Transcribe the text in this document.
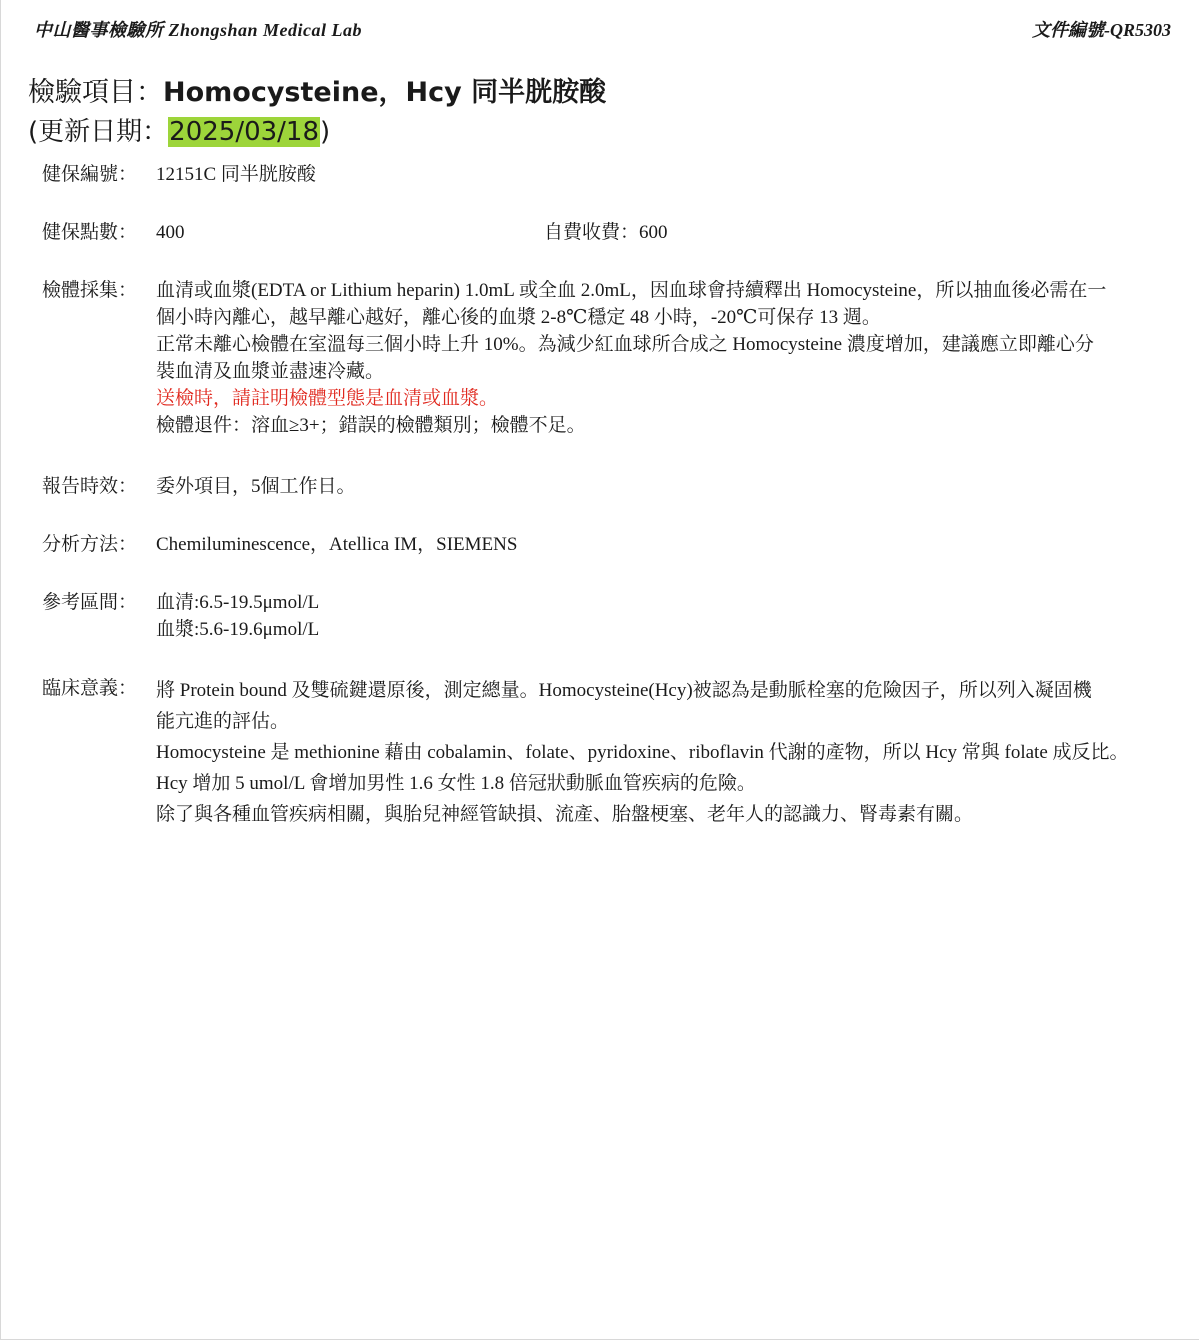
中山醫事檢驗所 Zhongshan Medical Lab	文件編號-QR5303
檢驗項目：Homocysteine，Hcy 同半胱胺酸
(更新日期：2025/03/18)
健保編號： 12151C 同半胱胺酸
健保點數： 400	自費收費：600
檢體採集： 血清或血漿(EDTA or Lithium heparin) 1.0mL 或全血 2.0mL，因血球會持續釋出 Homocysteine，所以抽血後必需在一
個小時內離心，越早離心越好，離心後的血漿 2-8℃穩定 48 小時，-20℃可保存 13 週。
正常未離心檢體在室溫每三個小時上升 10%。為減少紅血球所合成之 Homocysteine 濃度增加，建議應立即離心分
裝血清及血漿並盡速冷藏。
送檢時，請註明檢體型態是血清或血漿。
檢體退件：溶血≥3+；錯誤的檢體類別；檢體不足。
報告時效： 委外項目，5個工作日。
分析方法： Chemiluminescence，Atellica IM，SIEMENS
參考區間： 血清:6.5-19.5μmol/L
血漿:5.6-19.6μmol/L
臨床意義： 將 Protein bound 及雙硫鍵還原後，測定總量。Homocysteine(Hcy)被認為是動脈栓塞的危險因子，所以列入凝固機
能亢進的評估。
Homocysteine 是 methionine 藉由 cobalamin、folate、pyridoxine、riboflavin 代謝的產物，所以 Hcy 常與 folate 成反比。
Hcy 增加 5 umol/L 會增加男性 1.6 女性 1.8 倍冠狀動脈血管疾病的危險。
除了與各種血管疾病相關，與胎兒神經管缺損、流產、胎盤梗塞、老年人的認識力、腎毒素有關。
